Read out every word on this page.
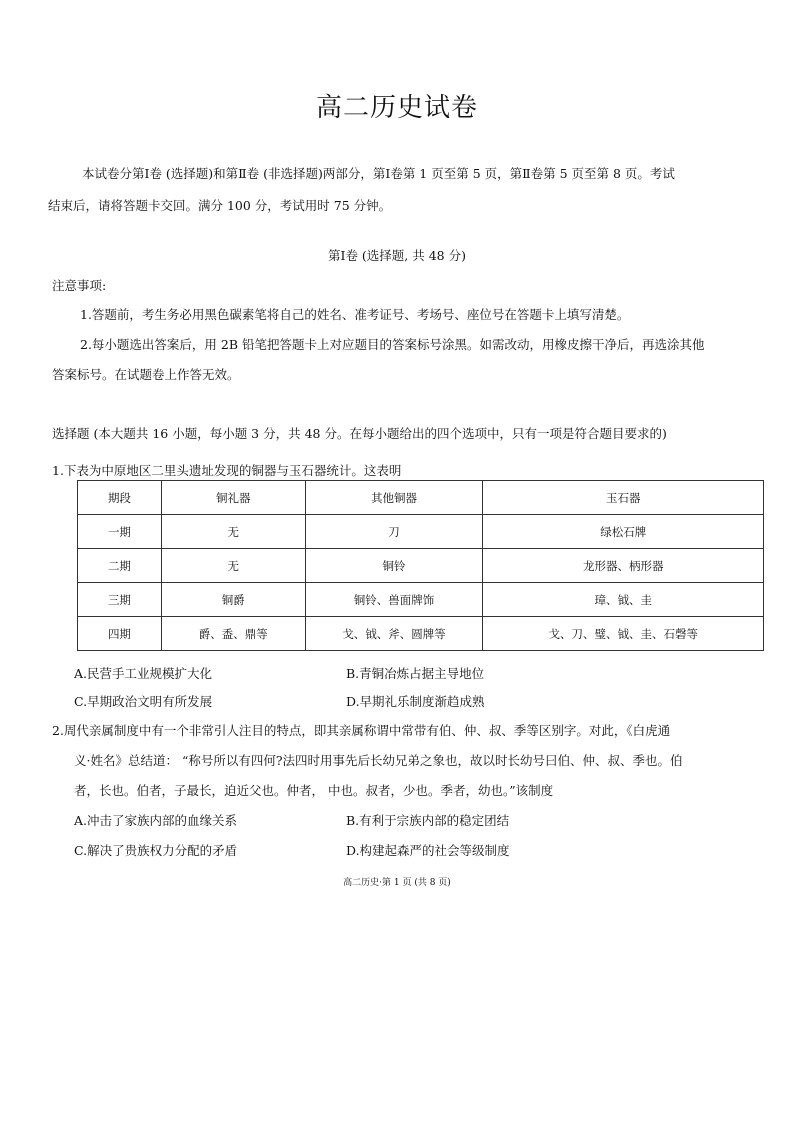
高二历史试卷
本试卷分第Ⅰ卷 (选择题)和第Ⅱ卷 (非选择题)两部分，第Ⅰ卷第 1 页至第 5 页，第Ⅱ卷第 5 页至第 8 页。考试
结束后，请将答题卡交回。满分 100 分，考试用时 75 分钟。
第Ⅰ卷 (选择题, 共 48 分)
注意事项:
1.答题前，考生务必用黑色碳素笔将自己的姓名、准考证号、考场号、座位号在答题卡上填写清楚。
2.每小题选出答案后，用 2B 铅笔把答题卡上对应题目的答案标号涂黑。如需改动，用橡皮擦干净后，再选涂其他
答案标号。在试题卷上作答无效。
选择题 (本大题共 16 小题，每小题 3 分，共 48 分。在每小题给出的四个选项中，只有一项是符合题目要求的)
1.下表为中原地区二里头遗址发现的铜器与玉石器统计。这表明
期段	铜礼器	其他铜器	玉石器
一期	无	刀	绿松石牌
二期	无	铜铃	龙形器、柄形器
三期	铜爵	铜铃、兽面牌饰	璋、钺、圭
四期	爵、盉、鼎等	戈、钺、斧、圆牌等	戈、刀、璧、钺、圭、石磬等
A.民营手工业规模扩大化	B.青铜冶炼占据主导地位
C.早期政治文明有所发展	D.早期礼乐制度渐趋成熟
2.周代亲属制度中有一个非常引人注目的特点，即其亲属称谓中常带有伯、仲、叔、季等区别字。对此，《白虎通
义·姓名》总结道： “称号所以有四何?法四时用事先后长幼兄弟之象也，故以时长幼号曰伯、仲、叔、季也。伯
者，长也。伯者，子最长，迫近父也。仲者， 中也。叔者，少也。季者，幼也。”该制度
A.冲击了家族内部的血缘关系	B.有利于宗族内部的稳定团结
C.解决了贵族权力分配的矛盾	D.构建起森严的社会等级制度
高二历史·第 1 页 (共 8 页)
